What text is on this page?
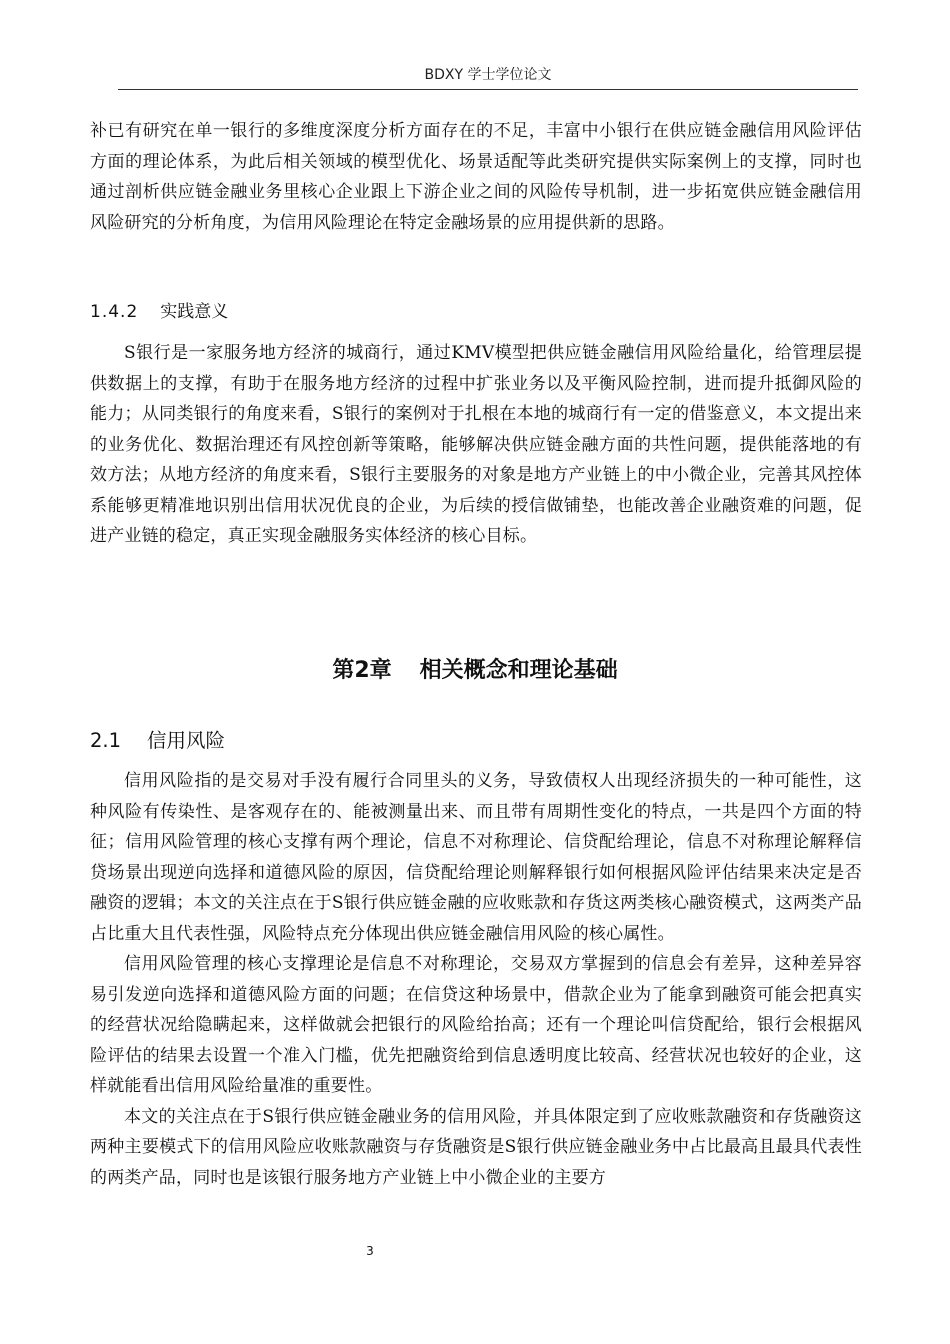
BDXY 学士学位论文

补已有研究在单一银行的多维度深度分析方面存在的不足，丰富中小银行在供应链金融信用风险评估方面的理论体系，为此后相关领域的模型优化、场景适配等此类研究提供实际案例上的支撑，同时也通过剖析供应链金融业务里核心企业跟上下游企业之间的风险传导机制，进一步拓宽供应链金融信用风险研究的分析角度，为信用风险理论在特定金融场景的应用提供新的思路。

1.4.2 实践意义

S银行是一家服务地方经济的城商行，通过KMV模型把供应链金融信用风险给量化，给管理层提供数据上的支撑，有助于在服务地方经济的过程中扩张业务以及平衡风险控制，进而提升抵御风险的能力；从同类银行的角度来看，S银行的案例对于扎根在本地的城商行有一定的借鉴意义，本文提出来的业务优化、数据治理还有风控创新等策略，能够解决供应链金融方面的共性问题，提供能落地的有效方法；从地方经济的角度来看，S银行主要服务的对象是地方产业链上的中小微企业，完善其风控体系能够更精准地识别出信用状况优良的企业，为后续的授信做铺垫，也能改善企业融资难的问题，促进产业链的稳定，真正实现金融服务实体经济的核心目标。

第2章 相关概念和理论基础
2.1 信用风险

信用风险指的是交易对手没有履行合同里头的义务，导致债权人出现经济损失的一种可能性，这种风险有传染性、是客观存在的、能被测量出来、而且带有周期性变化的特点，一共是四个方面的特征；信用风险管理的核心支撑有两个理论，信息不对称理论、信贷配给理论，信息不对称理论解释信贷场景出现逆向选择和道德风险的原因，信贷配给理论则解释银行如何根据风险评估结果来决定是否融资的逻辑；本文的关注点在于S银行供应链金融的应收账款和存货这两类核心融资模式，这两类产品占比重大且代表性强，风险特点充分体现出供应链金融信用风险的核心属性。

信用风险管理的核心支撑理论是信息不对称理论，交易双方掌握到的信息会有差异，这种差异容易引发逆向选择和道德风险方面的问题；在信贷这种场景中，借款企业为了能拿到融资可能会把真实的经营状况给隐瞒起来，这样做就会把银行的风险给抬高；还有一个理论叫信贷配给，银行会根据风险评估的结果去设置一个准入门槛，优先把融资给到信息透明度比较高、经营状况也较好的企业，这样就能看出信用风险给量准的重要性。

本文的关注点在于S银行供应链金融业务的信用风险，并具体限定到了应收账款融资和存货融资这两种主要模式下的信用风险应收账款融资与存货融资是S银行供应链金融业务中占比最高且最具代表性的两类产品，同时也是该银行服务地方产业链上中小微企业的主要方

3
